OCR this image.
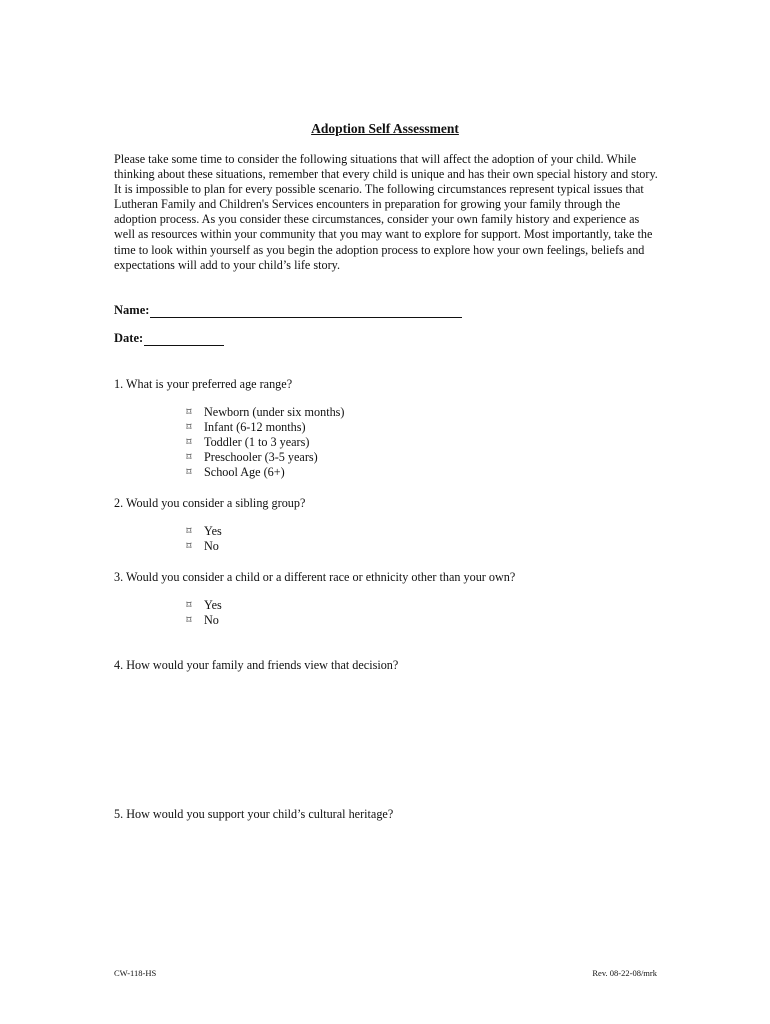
Adoption Self Assessment

Please take some time to consider the following situations that will affect the adoption of your child. While thinking about these situations, remember that every child is unique and has their own special history and story. It is impossible to plan for every possible scenario. The following circumstances represent typical issues that Lutheran Family and Children's Services encounters in preparation for growing your family through the adoption process. As you consider these circumstances, consider your own family history and experience as well as resources within your community that you may want to explore for support. Most importantly, take the time to look within yourself as you begin the adoption process to explore how your own feelings, beliefs and expectations will add to your child’s life story.

Name:
Date:

1. What is your preferred age range?

⌑ Newborn (under six months)
⌑ Infant (6-12 months)
⌑ Toddler (1 to 3 years)
⌑ Preschooler (3-5 years)
⌑ School Age (6+)

2. Would you consider a sibling group?

⌑ Yes
⌑ No

3. Would you consider a child or a different race or ethnicity other than your own?

⌑ Yes
⌑ No

4. How would your family and friends view that decision?

5. How would you support your child’s cultural heritage?

CW-118-HS	Rev. 08-22-08/mrk
